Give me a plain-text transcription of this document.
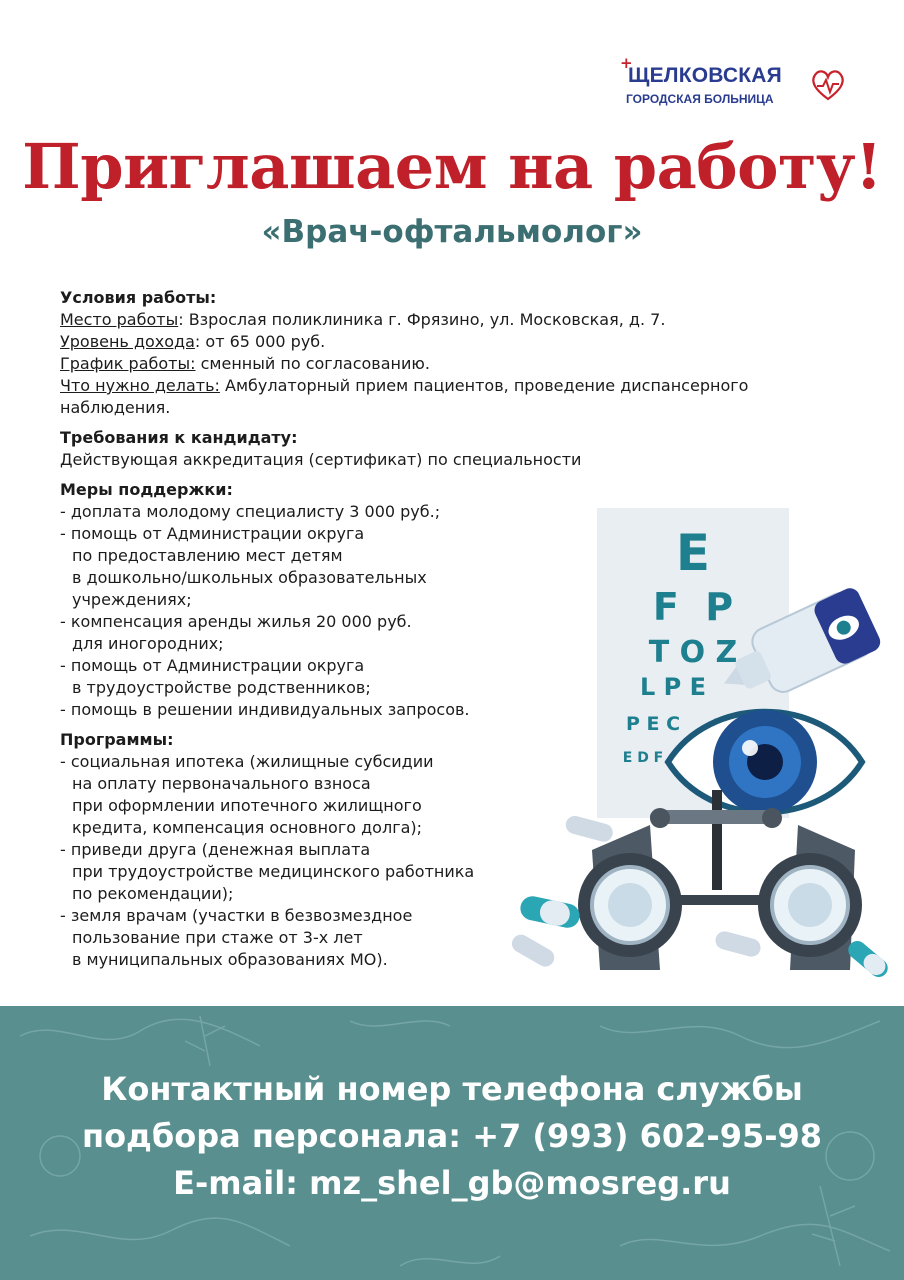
+
ЩЕЛКОВСКАЯ
ГОРОДСКАЯ БОЛЬНИЦА
Приглашаем на работу!
«Врач-офтальмолог»
Условия работы:

Место работы: Взрослая поликлиника г. Фрязино, ул. Московская, д. 7.

Уровень дохода: от 65 000 руб.

График работы: сменный по согласованию.

Что нужно делать: Амбулаторный прием пациентов, проведение диспансерного
наблюдения.

Требования к кандидату:

Действующая аккредитация (сертификат) по специальности

Меры поддержки:
- доплата молодому специалисту 3 000 руб.;
- помощь от Администрации округа
по предоставлению мест детям
в дошкольно/школьных образовательных
учреждениях;
- компенсация аренды жилья 20 000 руб.
для иногородних;
- помощь от Администрации округа
в трудоустройстве родственников;
- помощь в решении индивидуальных запросов.
Программы:
- социальная ипотека (жилищные субсидии
на оплату первоначального взноса
при оформлении ипотечного жилищного
кредита, компенсация основного долга);
- приведи друга (денежная выплата
при трудоустройстве медицинского работника
по рекомендации);
- земля врачам (участки в безвозмездное
пользование при стаже от 3-х лет
в муниципальных образованиях МО).
E
F  P
T O Z
L P E
P E C
E D F
Контактный номер телефона службы
подбора персонала: +7 (993) 602-95-98
E-mail: mz_shel_gb@mosreg.ru
